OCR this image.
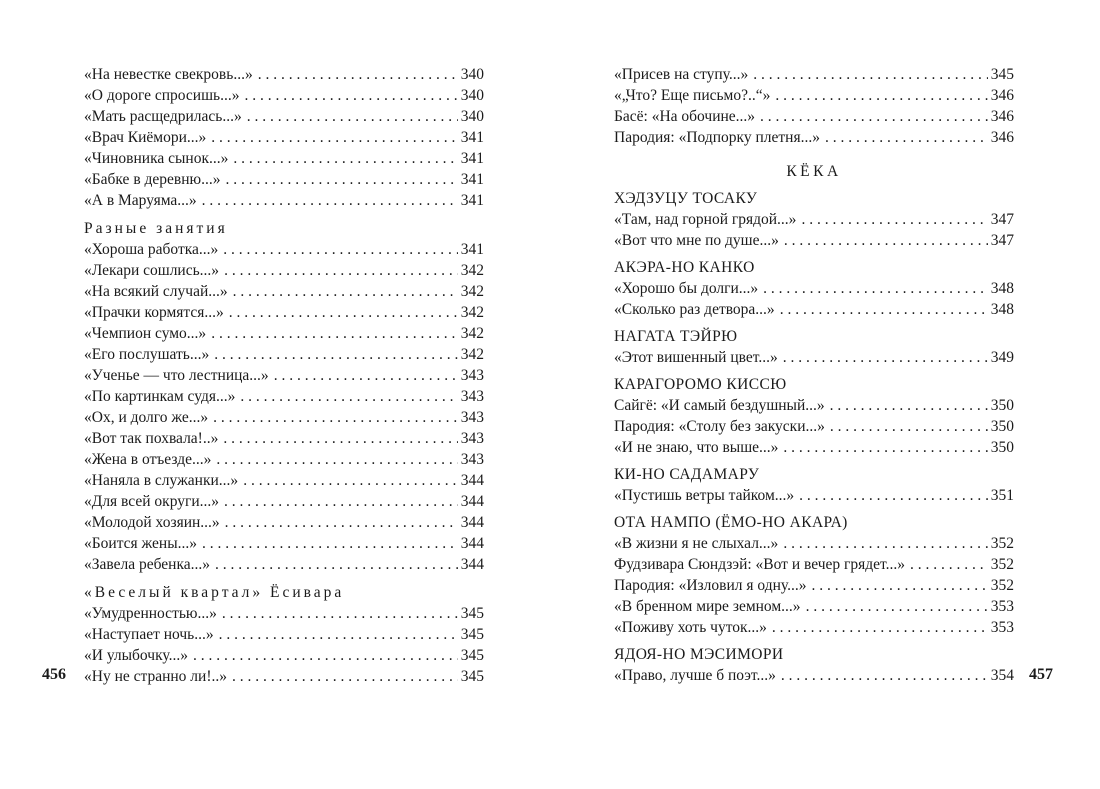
«На невестке свекровь...» . . .	340
«О дороге спросишь...» . . .	340
«Мать расщедрилась...» . . .	340
«Врач Киёмори...» . . .	341
«Чиновника сынок...» . . .	341
«Бабке в деревню...» . . .	341
«А в Маруяма...» . . .	341
Разные занятия
«Хороша работка...» . . .	341
«Лекари сошлись...» . . .	342
«На всякий случай...» . . .	342
«Прачки кормятся...» . . .	342
«Чемпион сумо...» . . .	342
«Его послушать...» . . .	342
«Ученье — что лестница...» . . .	343
«По картинкам судя...» . . .	343
«Ох, и долго же...» . . .	343
«Вот так похвала!..» . . .	343
«Жена в отъезде...» . . .	343
«Наняла в служанки...» . . .	344
«Для всей округи...» . . .	344
«Молодой хозяин...» . . .	344
«Боится жены...» . . .	344
«Завела ребенка...» . . .	344
«Веселый квартал» Ёсивара
«Умудренностью...» . . .	345
«Наступает ночь...» . . .	345
«И улыбочку...» . . .	345
«Ну не странно ли!..» . . .	345
«Присев на ступу...» . . .	345
«„Что? Еще письмо?..“» . . .	346
Басё: «На обочине...» . . .	346
Пародия: «Подпорку плетня...» . . .	346
КЁКА
ХЭДЗУЦУ ТОСАКУ
«Там, над горной грядой...» . . .	347
«Вот что мне по душе...» . . .	347
АКЭРА-НО КАНКО
«Хорошо бы долги...» . . .	348
«Сколько раз детвора...» . . .	348
НАГАТА ТЭЙРЮ
«Этот вишенный цвет...» . . .	349
КАРАГОРОМО КИССЮ
Сайгё: «И самый бездушный...» . . .	350
Пародия: «Столу без закуски...» . . .	350
«И не знаю, что выше...» . . .	350
КИ-НО САДАМАРУ
«Пустишь ветры тайком...» . . .	351
ОТА НАМПО (ЁМО-НО АКАРА)
«В жизни я не слыхал...» . . .	352
Фудзивара Сюндзэй: «Вот и вечер грядет...» . . .	352
Пародия: «Изловил я одну...» . . .	352
«В бренном мире земном...» . . .	353
«Поживу хоть чуток...» . . .	353
ЯДОЯ-НО МЭСИМОРИ
«Право, лучше б поэт...» . . .	354
456	457
